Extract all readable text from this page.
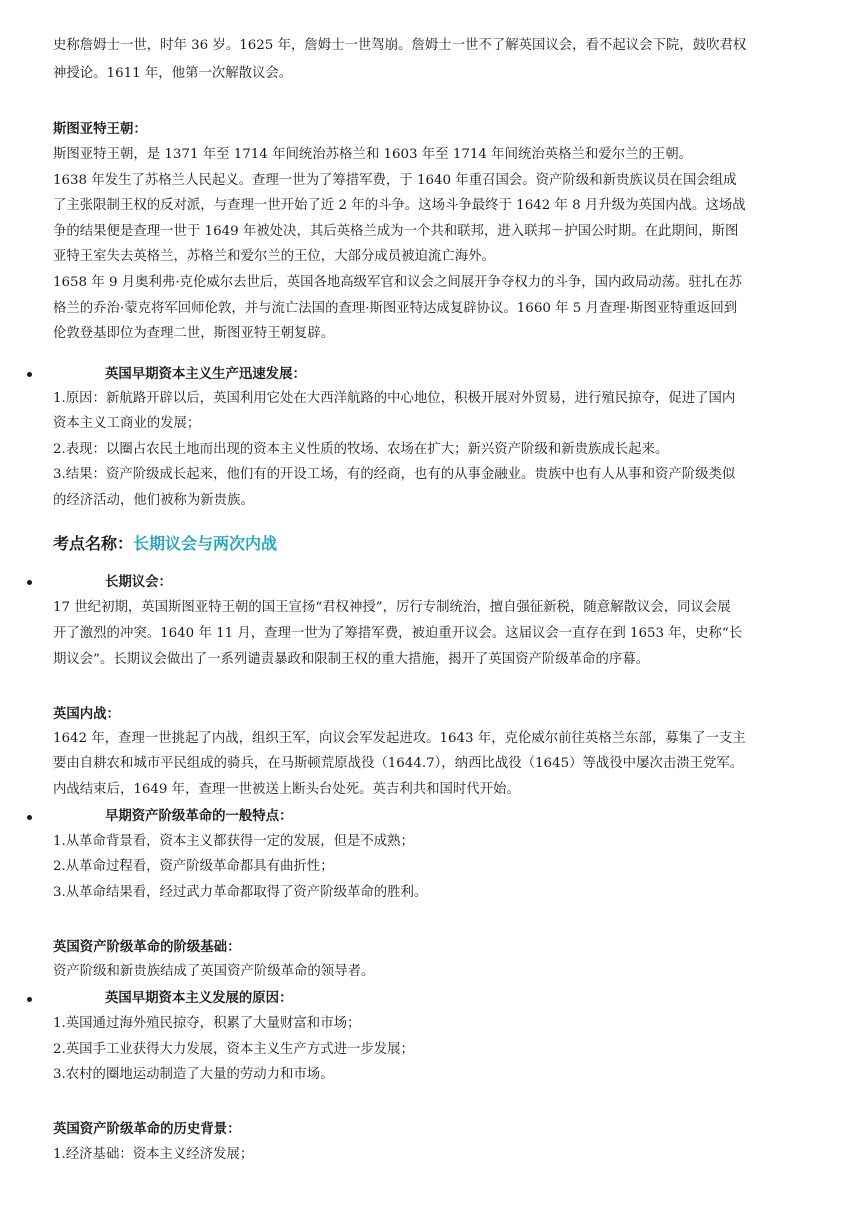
史称詹姆士一世，时年 36 岁。1625 年，詹姆士一世驾崩。詹姆士一世不了解英国议会，看不起议会下院，鼓吹君权
神授论。1611 年，他第一次解散议会。
斯图亚特王朝：
斯图亚特王朝，是 1371 年至 1714 年间统治苏格兰和 1603 年至 1714 年间统治英格兰和爱尔兰的王朝。
1638 年发生了苏格兰人民起义。查理一世为了筹措军费，于 1640 年重召国会。资产阶级和新贵族议员在国会组成
了主张限制王权的反对派，与查理一世开始了近 2 年的斗争。这场斗争最终于 1642 年 8 月升级为英国内战。这场战
争的结果便是查理一世于 1649 年被处决，其后英格兰成为一个共和联邦，进入联邦－护国公时期。在此期间，斯图
亚特王室失去英格兰，苏格兰和爱尔兰的王位，大部分成员被迫流亡海外。
1658 年 9 月奥利弗·克伦威尔去世后，英国各地高级军官和议会之间展开争夺权力的斗争，国内政局动荡。驻扎在苏
格兰的乔治·蒙克将军回师伦敦，并与流亡法国的查理·斯图亚特达成复辟协议。1660 年 5 月查理·斯图亚特重返回到
伦敦登基即位为查理二世，斯图亚特王朝复辟。
英国早期资本主义生产迅速发展：
1.原因：新航路开辟以后，英国利用它处在大西洋航路的中心地位，积极开展对外贸易，进行殖民掠夺，促进了国内
资本主义工商业的发展；
2.表现：以圈占农民土地而出现的资本主义性质的牧场、农场在扩大；新兴资产阶级和新贵族成长起来。
3.结果：资产阶级成长起来，他们有的开设工场，有的经商，也有的从事金融业。贵族中也有人从事和资产阶级类似
的经济活动，他们被称为新贵族。
考点名称：长期议会与两次内战
长期议会：
17 世纪初期，英国斯图亚特王朝的国王宣扬“君权神授”，厉行专制统治，擅自强征新税，随意解散议会，同议会展
开了激烈的冲突。1640 年 11 月，查理一世为了筹措军费，被迫重开议会。这届议会一直存在到 1653 年，史称“长
期议会”。长期议会做出了一系列谴责暴政和限制王权的重大措施，揭开了英国资产阶级革命的序幕。
英国内战：
1642 年，查理一世挑起了内战，组织王军，向议会军发起进攻。1643 年，克伦威尔前往英格兰东部，募集了一支主
要由自耕农和城市平民组成的骑兵，在马斯顿荒原战役（1644.7），纳西比战役（1645）等战役中屡次击溃王党军。
内战结束后，1649 年，查理一世被送上断头台处死。英吉利共和国时代开始。
早期资产阶级革命的一般特点：
1.从革命背景看，资本主义都获得一定的发展，但是不成熟；
2.从革命过程看，资产阶级革命都具有曲折性；
3.从革命结果看，经过武力革命都取得了资产阶级革命的胜利。
英国资产阶级革命的阶级基础：
资产阶级和新贵族结成了英国资产阶级革命的领导者。
英国早期资本主义发展的原因：
1.英国通过海外殖民掠夺，积累了大量财富和市场；
2.英国手工业获得大力发展，资本主义生产方式进一步发展；
3.农村的圈地运动制造了大量的劳动力和市场。
英国资产阶级革命的历史背景：
1.经济基础：资本主义经济发展；
